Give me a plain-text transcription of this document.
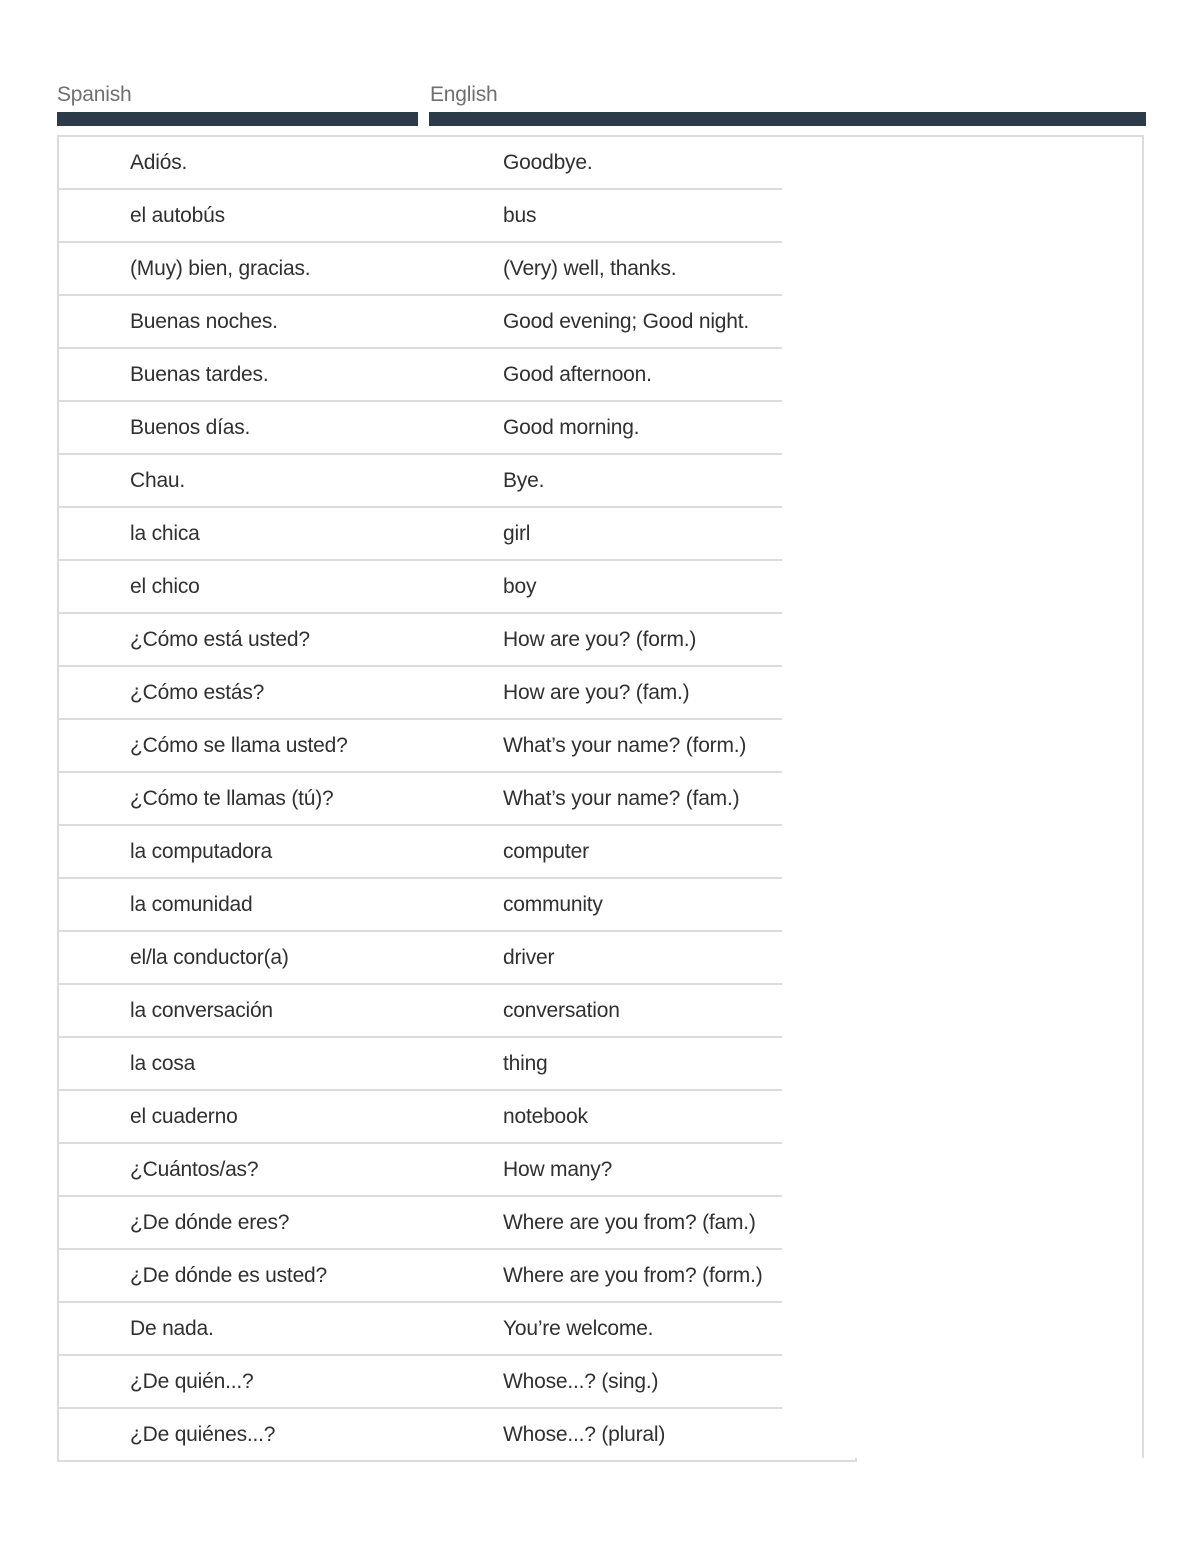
Spanish	English
Adiós.	Goodbye.
el autobús	bus
(Muy) bien, gracias.	(Very) well, thanks.
Buenas noches.	Good evening; Good night.
Buenas tardes.	Good afternoon.
Buenos días.	Good morning.
Chau.	Bye.
la chica	girl
el chico	boy
¿Cómo está usted?	How are you? (form.)
¿Cómo estás?	How are you? (fam.)
¿Cómo se llama usted?	What’s your name? (form.)
¿Cómo te llamas (tú)?	What’s your name? (fam.)
la computadora	computer
la comunidad	community
el/la conductor(a)	driver
la conversación	conversation
la cosa	thing
el cuaderno	notebook
¿Cuántos/as?	How many?
¿De dónde eres?	Where are you from? (fam.)
¿De dónde es usted?	Where are you from? (form.)
De nada.	You’re welcome.
¿De quién...?	Whose...? (sing.)
¿De quiénes...?	Whose...? (plural)
